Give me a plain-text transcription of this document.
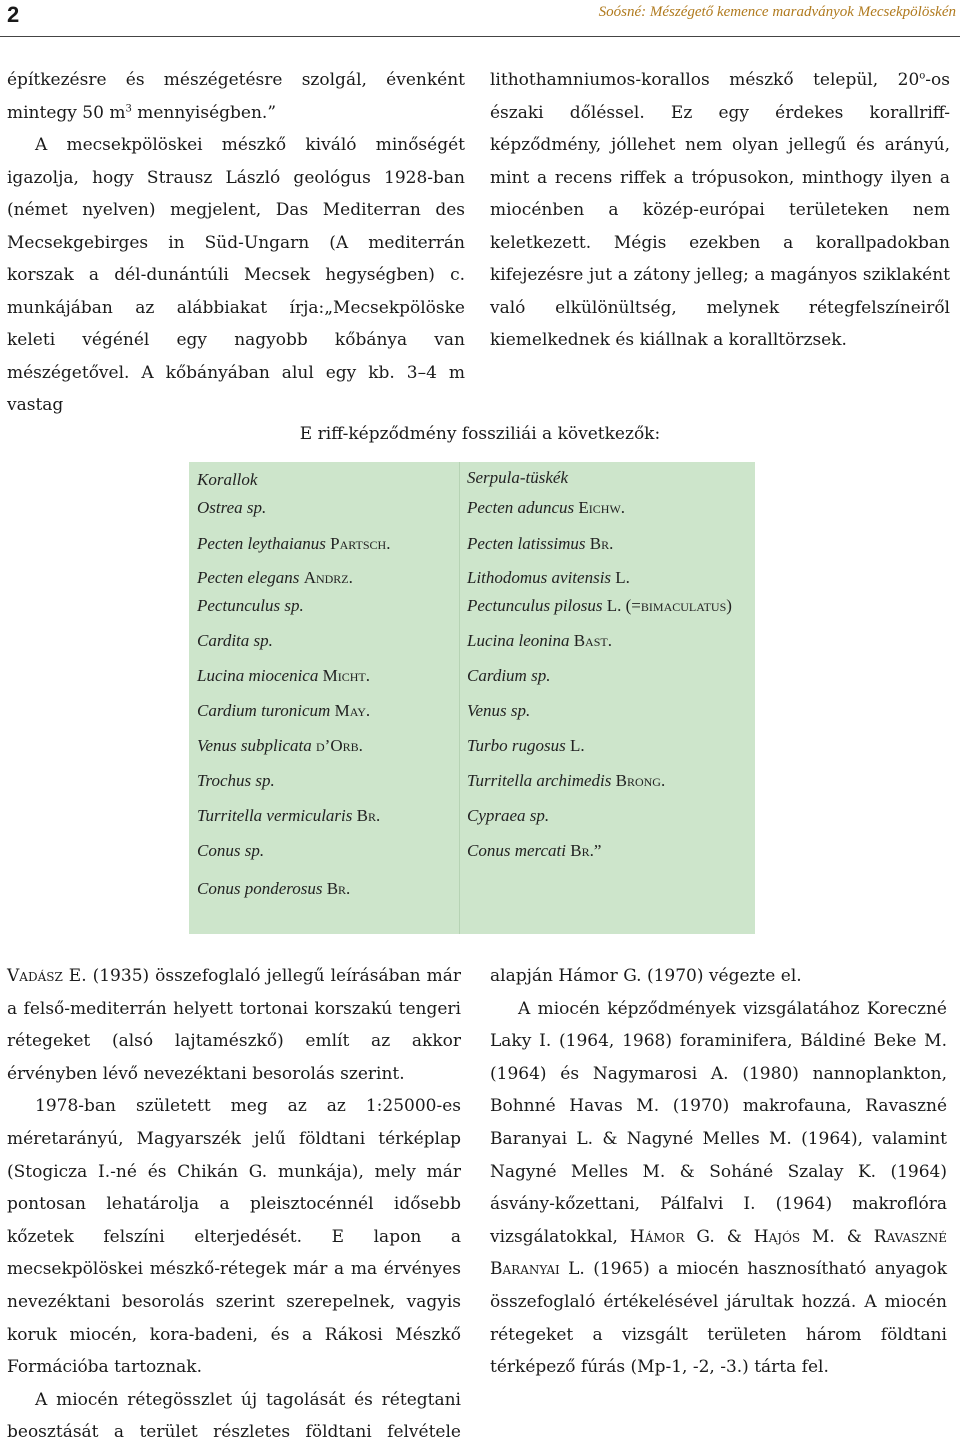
2	Soósné: Mészégető kemence maradványok Mecsekpölöskén

építkezésre és mészégetésre szolgál, évenként mintegy 50 $m^3$ mennyiségben.”

A mecsekpölöskei mészkő kiváló minőségét igazolja, hogy Strausz László geológus 1928-ban (német nyelven) megjelent, Das Mediterran des Mecsekgebirges in Süd-Ungarn (A mediterrán korszak a dél-dunántúli Mecsek hegységben) c. munkájában az alábbiakat írja:„Mecsekpölöske keleti végénél egy nagyobb kőbánya van mészégetővel. A kőbányában alul egy kb. 3–4 m vastag

lithothamniumos-korallos mészkő települ, 20$^o$-os északi dőléssel. Ez egy érdekes korallriff-képződmény, jóllehet nem olyan jellegű és arányú, mint a recens riffek a trópusokon, minthogy ilyen a miocénben a közép-európai területeken nem keletkezett. Mégis ezekben a korallpadokban kifejezésre jut a zátony jelleg; a magányos sziklaként való elkülönültség, melynek rétegfelszíneiről kiemelkednek és kiállnak a koralltörzsek.

E riff-képződmény fossziliái a következők:
Korallok
Ostrea sp.
Pecten leythaianus Partsch.
Pecten elegans Andrz.
Pectunculus sp.
Cardita sp.
Lucina miocenica Micht.
Cardium turonicum May.
Venus subplicata d’Orb.
Trochus sp.
Turritella vermicularis Br.
Conus sp.
Conus ponderosus Br.
Serpula-tüskék
Pecten aduncus Eichw.
Pecten latissimus Br.
Lithodomus avitensis L.
Pectunculus pilosus L. (=bimaculatus)
Lucina leonina Bast.
Cardium sp.
Venus sp.
Turbo rugosus L.
Turritella archimedis Brong.
Cypraea sp.
Conus mercati Br.”

Vadász E. (1935) összefoglaló jellegű leírásában már a felső-mediterrán helyett tortonai korszakú tengeri rétegeket (alsó lajtamészkő) említ az akkor érvényben lévő nevezéktani besorolás szerint.

1978-ban született meg az az 1:25000-es méretarányú, Magyarszék jelű földtani térképlap (Stogicza I.-né és Chikán G. munkája), mely már pontosan lehatárolja a pleisztocénnél idősebb kőzetek felszíni elterjedését. E lapon a mecsekpölöskei mészkő-rétegek már a ma érvényes nevezéktani besorolás szerint szerepelnek, vagyis koruk miocén, kora-badeni, és a Rákosi Mészkő Formációba tartoznak.

A miocén rétegösszlet új tagolását és rétegtani beosztását a terület részletes földtani felvétele

alapján Hámor G. (1970) végezte el.

A miocén képződmények vizsgálatához Koreczné Laky I. (1964, 1968) foraminifera, Báldiné Beke M. (1964) és Nagymarosi A. (1980) nannoplankton, Bohnné Havas M. (1970) makrofauna, Ravaszné Baranyai L. & Nagyné Melles M. (1964), valamint Nagyné Melles M. & Soháné Szalay K. (1964) ásvány-kőzettani, Pálfalvi I. (1964) makroflóra vizsgálatokkal, Hámor G. & Hajós M. & Ravaszné Baranyai L. (1965) a miocén hasznosítható anyagok összefoglaló értékelésével járultak hozzá. A miocén rétegeket a vizsgált területen három földtani térképező fúrás (Mp-1, -2, -3.) tárta fel.
